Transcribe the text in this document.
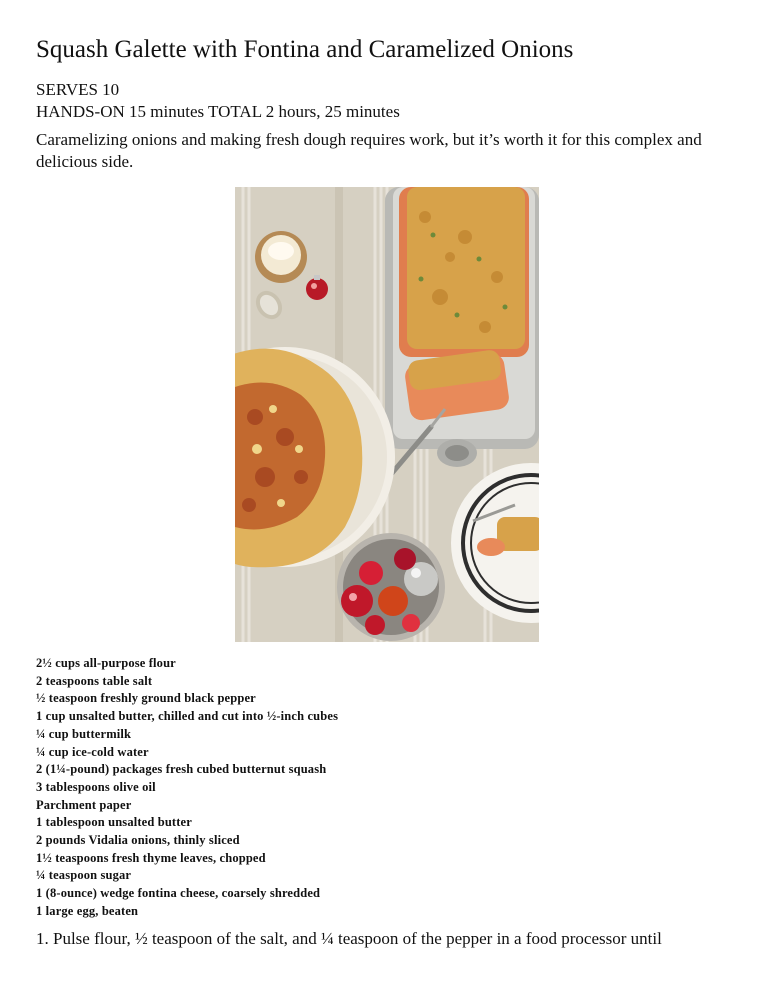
Squash Galette with Fontina and Caramelized Onions
SERVES 10
HANDS-ON 15 minutes TOTAL 2 hours, 25 minutes

Caramelizing onions and making fresh dough requires work, but it’s worth it for this complex and delicious side.

2½ cups all-purpose flour
2 teaspoons table salt
½ teaspoon freshly ground black pepper
1 cup unsalted butter, chilled and cut into ½-inch cubes
¼ cup buttermilk
¼ cup ice-cold water
2 (1¼-pound) packages fresh cubed butternut squash
3 tablespoons olive oil
Parchment paper
1 tablespoon unsalted butter
2 pounds Vidalia onions, thinly sliced
1½ teaspoons fresh thyme leaves, chopped
¼ teaspoon sugar
1 (8-ounce) wedge fontina cheese, coarsely shredded
1 large egg, beaten
1. Pulse flour, ½ teaspoon of the salt, and ¼ teaspoon of the pepper in a food processor until
